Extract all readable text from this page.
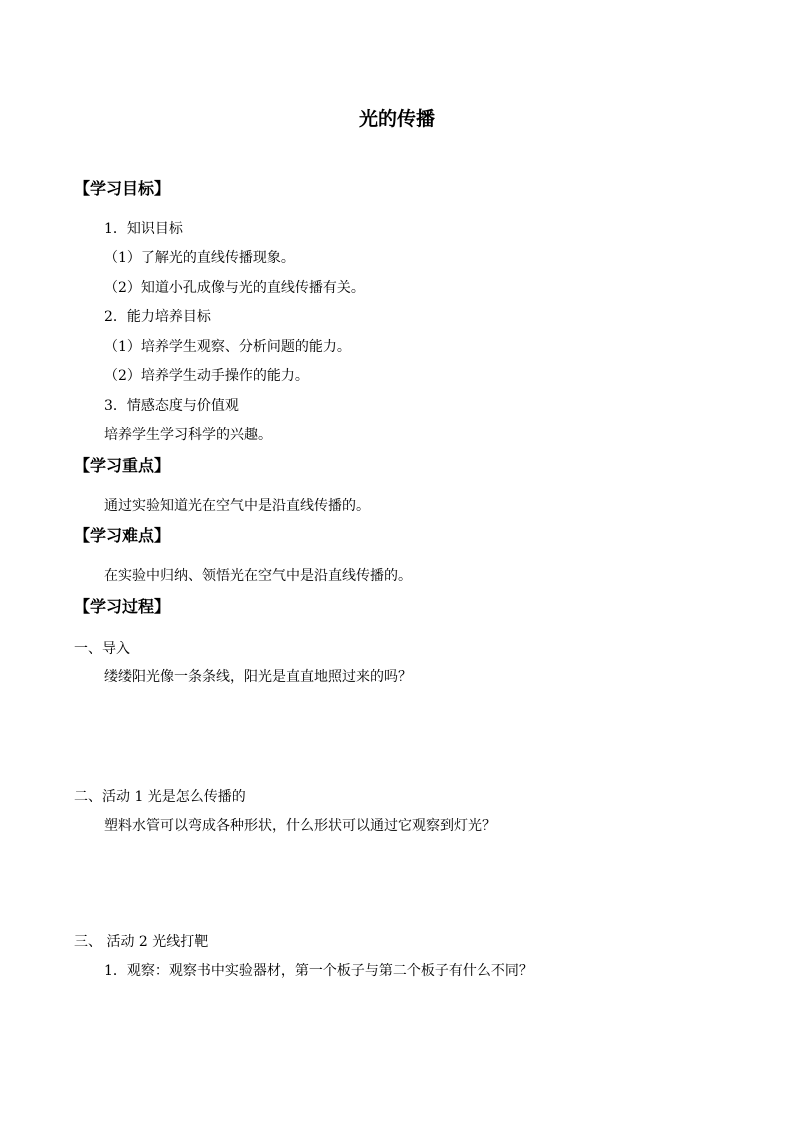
光的传播
【学习目标】
1．知识目标
（1）了解光的直线传播现象。
（2）知道小孔成像与光的直线传播有关。
2．能力培养目标
（1）培养学生观察、分析问题的能力。
（2）培养学生动手操作的能力。
3．情感态度与价值观
培养学生学习科学的兴趣。
【学习重点】
通过实验知道光在空气中是沿直线传播的。
【学习难点】
在实验中归纳、领悟光在空气中是沿直线传播的。
【学习过程】
一、导入
缕缕阳光像一条条线，阳光是直直地照过来的吗？
二、活动 1 光是怎么传播的
塑料水管可以弯成各种形状，什么形状可以通过它观察到灯光？
三、 活动 2 光线打靶
1．观察：观察书中实验器材，第一个板子与第二个板子有什么不同？
